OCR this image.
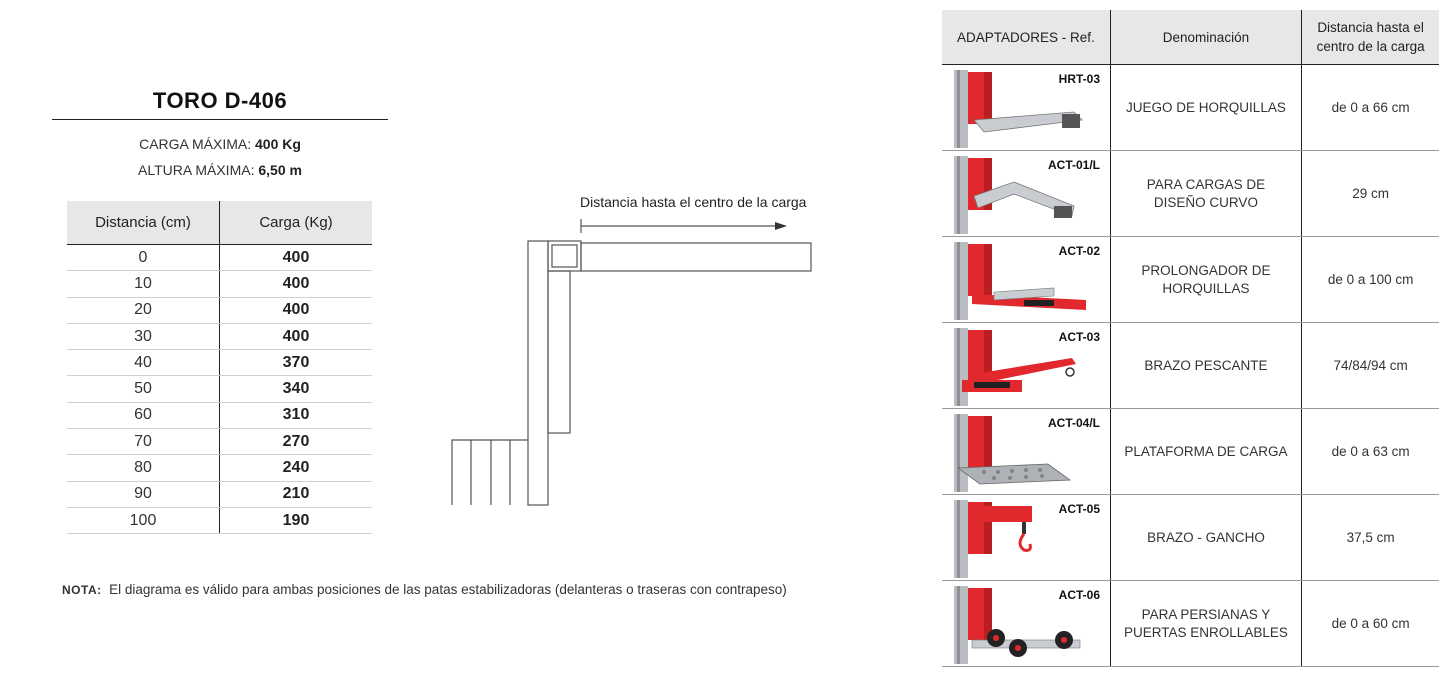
TORO D-406
CARGA MÁXIMA: 400 Kg
ALTURA MÁXIMA: 6,50 m
Distancia (cm)	Carga (Kg)
0	400
10	400
20	400
30	400
40	370
50	340
60	310
70	270
80	240
90	210
100	190
NOTA: El diagrama es válido para ambas posiciones de las patas estabilizadoras (delanteras o traseras con contrapeso)
Distancia hasta el centro de la carga
ADAPTADORES - Ref.	Denominación	Distancia hasta el centro de la carga

HRT-03	JUEGO DE HORQUILLAS	de 0 a 66 cm

ACT-01/L	PARA CARGAS DE DISEÑO CURVO	29 cm

ACT-02	PROLONGADOR DE HORQUILLAS	de 0 a 100 cm

ACT-03	BRAZO PESCANTE	74/84/94 cm

ACT-04/L	PLATAFORMA DE CARGA	de 0 a 63 cm

ACT-05	BRAZO - GANCHO	37,5 cm

ACT-06	PARA PERSIANAS Y PUERTAS ENROLLABLES	de 0 a 60 cm
